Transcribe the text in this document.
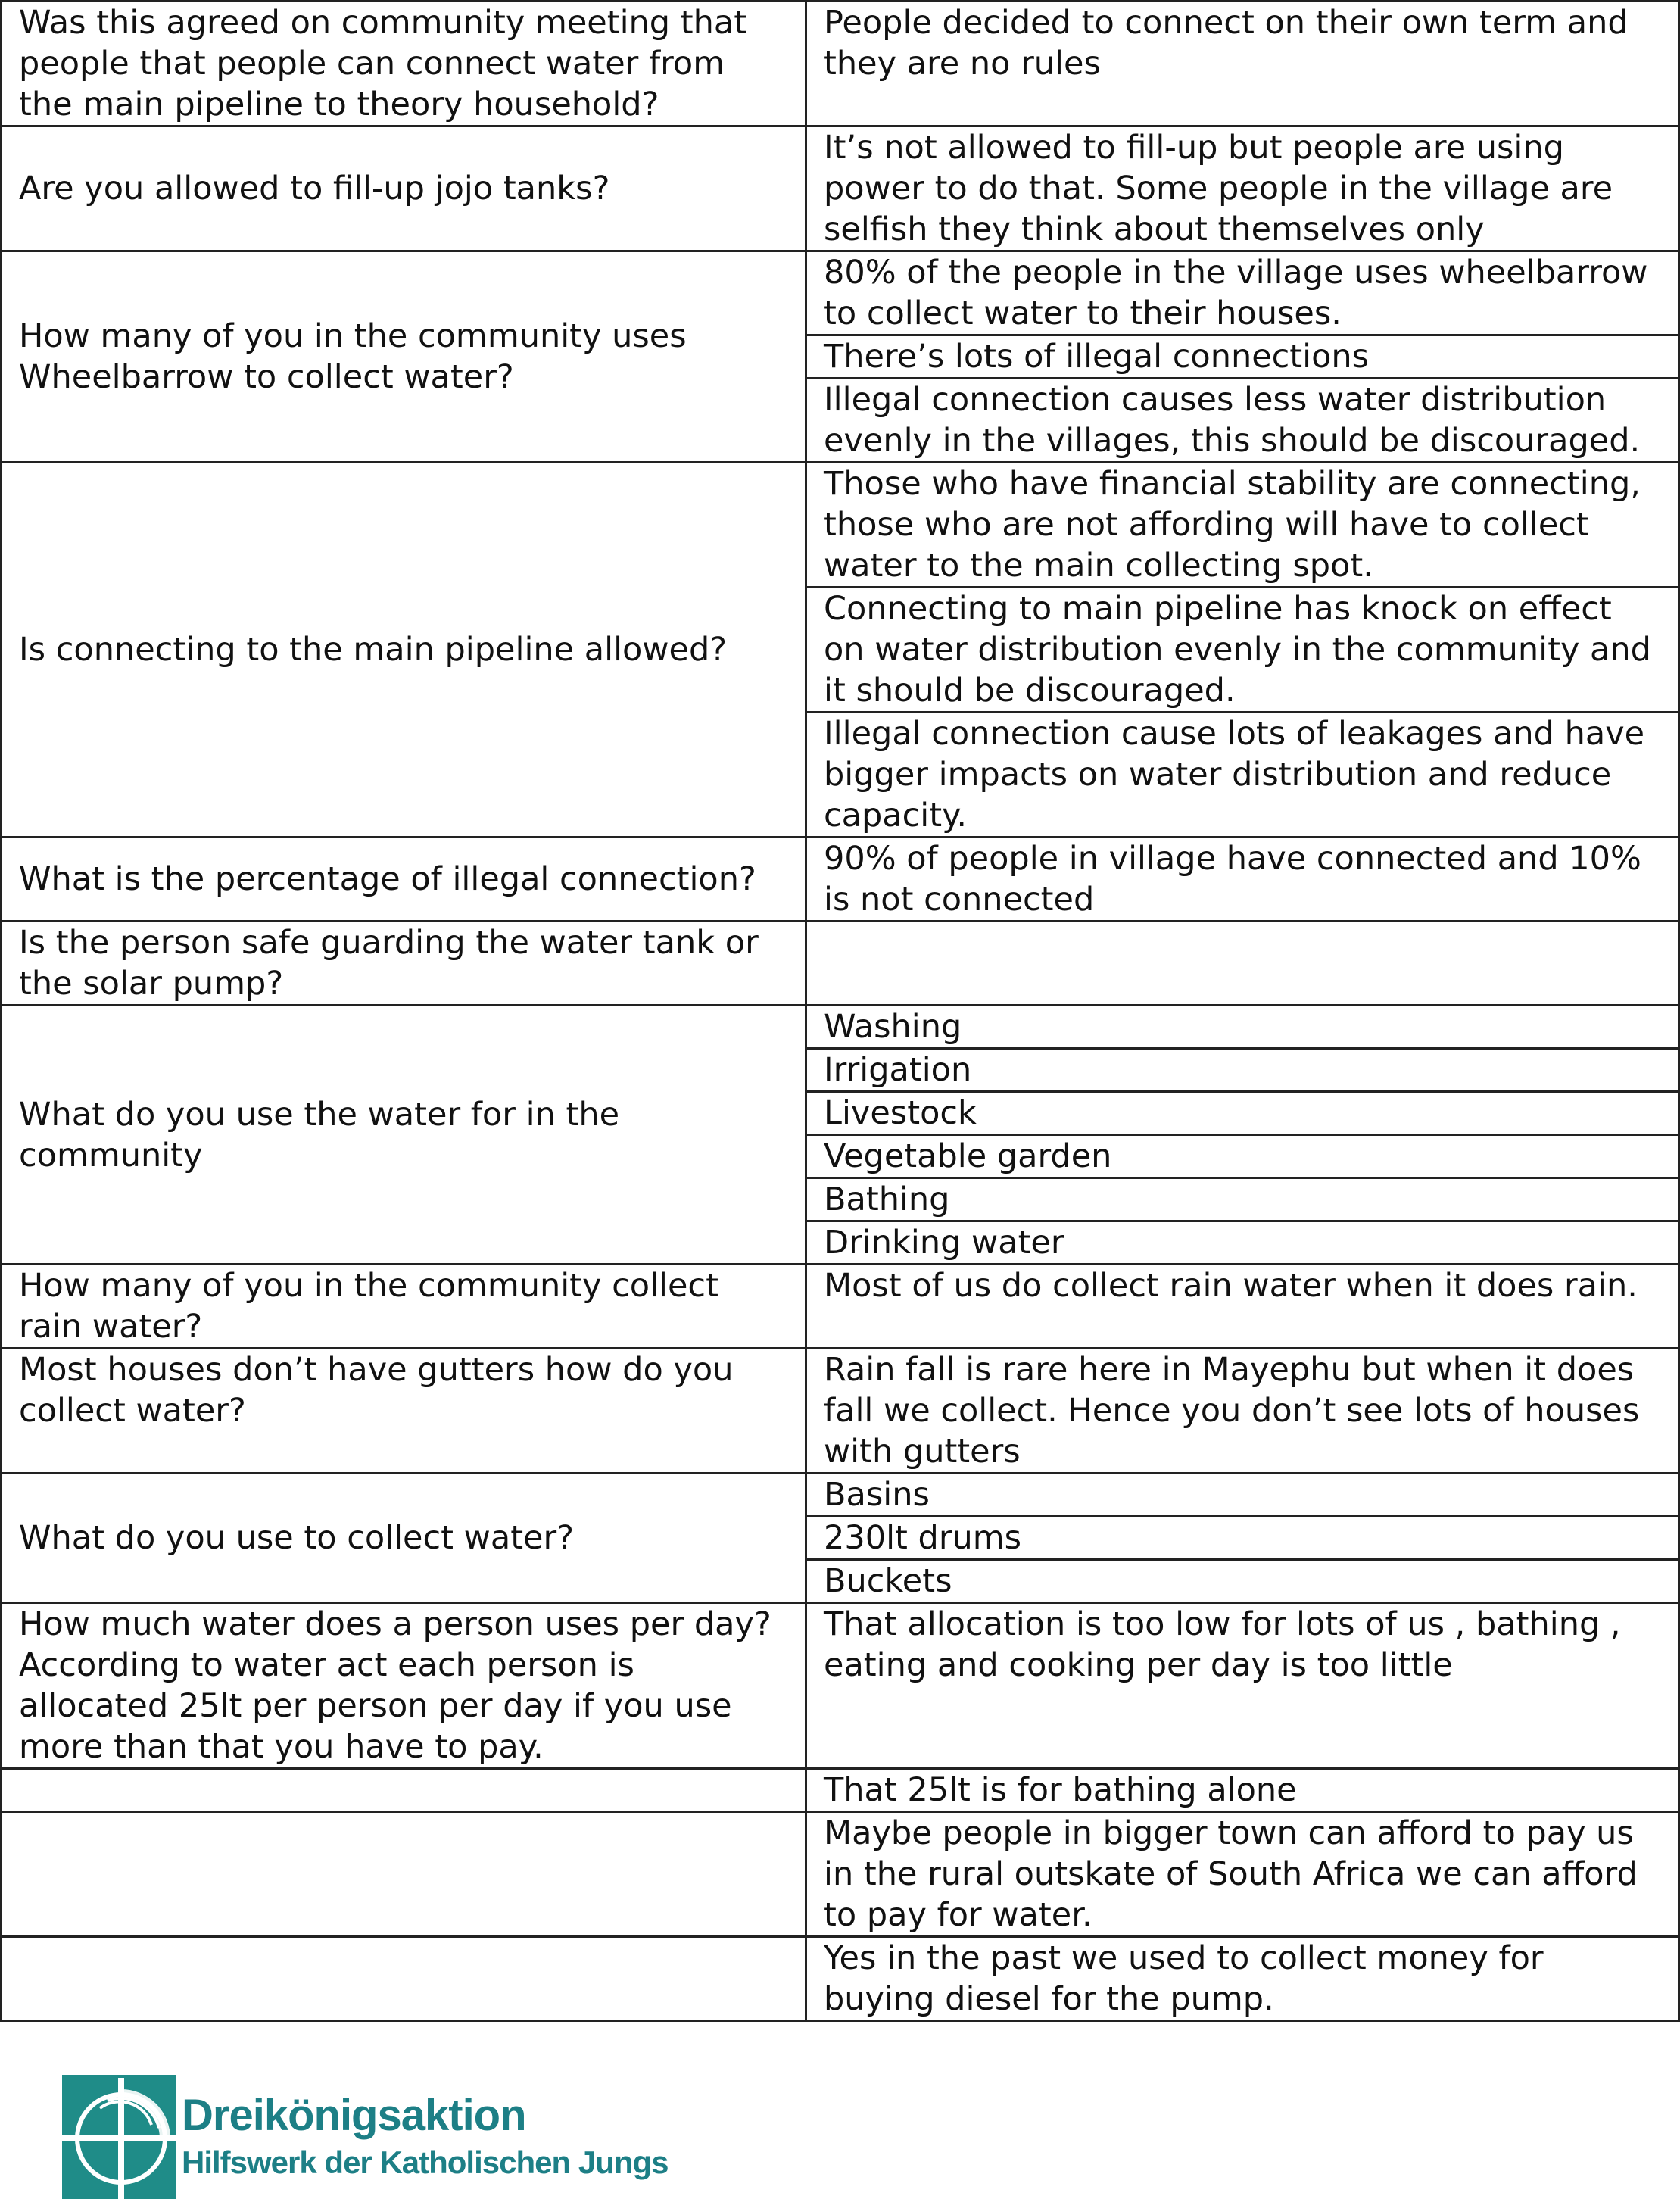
Was this agreed on community meeting that people that people can connect water from the main pipeline to theory household?	People decided to connect on their own term and they are no rules
Are you allowed to fill-up jojo tanks?	It’s not allowed to fill-up but people are using power to do that. Some people in the village are selfish they think about themselves only
How many of you in the community uses Wheelbarrow to collect water?	80% of the people in the village uses wheelbarrow to collect water to their houses.
	There’s lots of illegal connections
	Illegal connection causes less water distribution evenly in the villages, this should be discouraged.
Is connecting to the main pipeline allowed?	Those who have financial stability are connecting, those who are not affording will have to collect water to the main collecting spot.
	Connecting to main pipeline has knock on effect on water distribution evenly in the community and it should be discouraged.
	Illegal connection cause lots of leakages and have bigger impacts on water distribution and reduce capacity.
What is the percentage of illegal connection?	90% of people in village have connected and 10% is not connected
Is the person safe guarding the water tank or the solar pump?	
What do you use the water for in the community	Washing
	Irrigation
	Livestock
	Vegetable garden
	Bathing
	Drinking water
How many of you in the community collect rain water?	Most of us do collect rain water when it does rain.
Most houses don’t have gutters how do you collect water?	Rain fall is rare here in Mayephu but when it does fall we collect. Hence you don’t see lots of houses with gutters
What do you use to collect water?	Basins
	230lt drums
	Buckets
How much water does a person uses per day? According to water act each person is allocated 25lt per person per day if you use more than that you have to pay.	That allocation is too low for lots of us , bathing , eating and cooking per day is too little
	That 25lt is for bathing alone
	Maybe people in bigger town can afford to pay us in the rural outskate of South Africa we can afford to pay for water.
	Yes in the past we used to collect money for buying diesel for the pump.
Dreikönigsaktion
Hilfswerk der Katholischen Jungs
